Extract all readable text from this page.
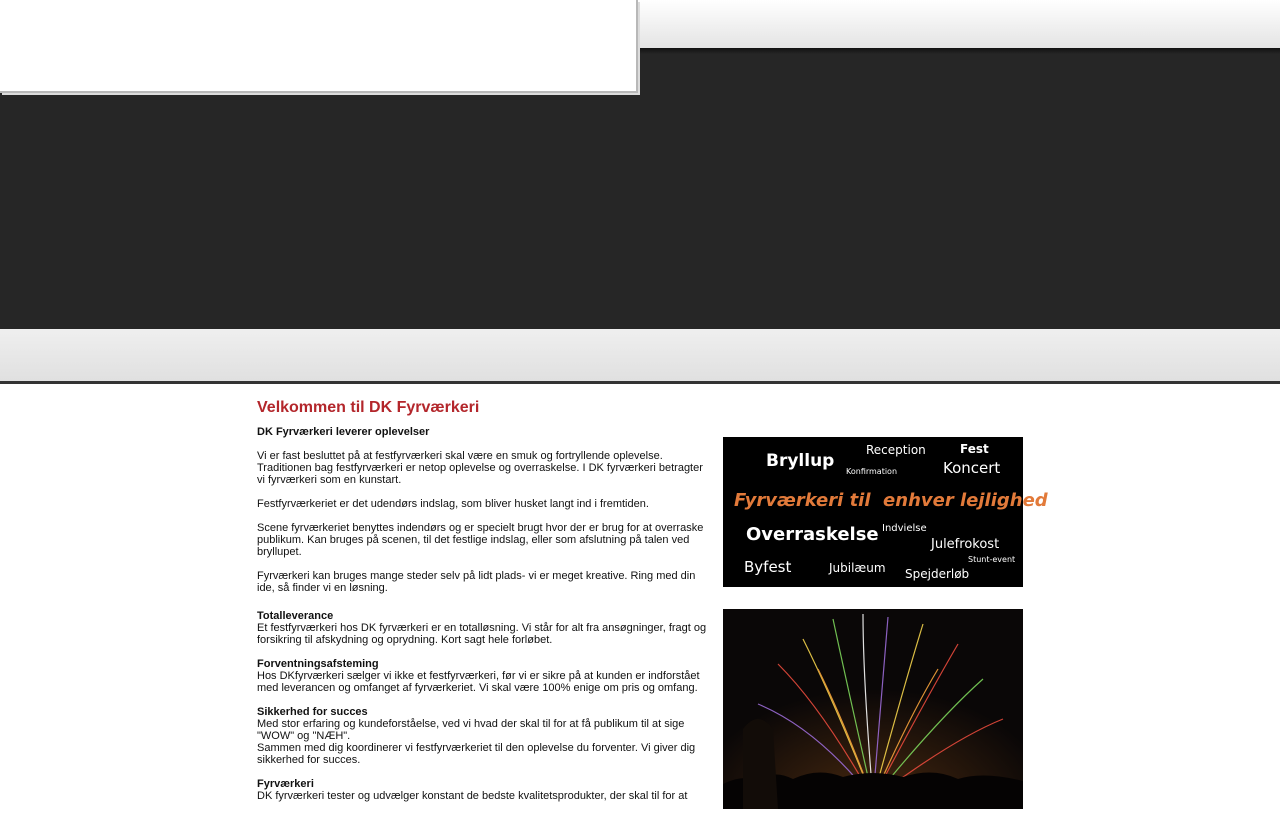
Velkommen til DK Fyrværkeri

DK Fyrværkeri leverer oplevelser

Vi er fast besluttet på at festfyrværkeri skal være en smuk og fortryllende oplevelse. Traditionen bag festfyrværkeri er netop oplevelse og overraskelse. I DK fyrværkeri betragter vi fyrværkeri som en kunstart.

Festfyrværkeriet er det udendørs indslag, som bliver husket langt ind i fremtiden.

Scene fyrværkeriet benyttes indendørs og er specielt brugt hvor der er brug for at overraske publikum. Kan bruges på scenen, til det festlige indslag, eller som afslutning på talen ved bryllupet.

Fyrværkeri kan bruges mange steder selv på lidt plads- vi er meget kreative. Ring med din ide, så finder vi en løsning.

Totalleverance
Et festfyrværkeri hos DK fyrværkeri er en totalløsning. Vi står for alt fra ansøgninger, fragt og forsikring til afskydning og oprydning. Kort sagt hele forløbet.
Forventningsafsteming
Hos DKfyrværkeri sælger vi ikke et festfyrværkeri, før vi er sikre på at kunden er indforstået med leverancen og omfanget af fyrværkeriet. Vi skal være 100% enige om pris og omfang.
Sikkerhed for succes
Med stor erfaring og kundeforståelse, ved vi hvad der skal til for at få publikum til at sige "WOW" og "NÆH".
Sammen med dig koordinerer vi festfyrværkeriet til den oplevelse du forventer. Vi giver dig sikkerhed for succes.
Fyrværkeri
DK fyrværkeri tester og udvælger konstant de bedste kvalitetsprodukter, der skal til for at
Bryllup
Reception	Fest
Konfirmation	Koncert
Fyrværkeri til  enhver lejlighed
Overraskelse Indvielse
Julefrokost
Stunt-event
Byfest	Jubilæum Spejderløb
